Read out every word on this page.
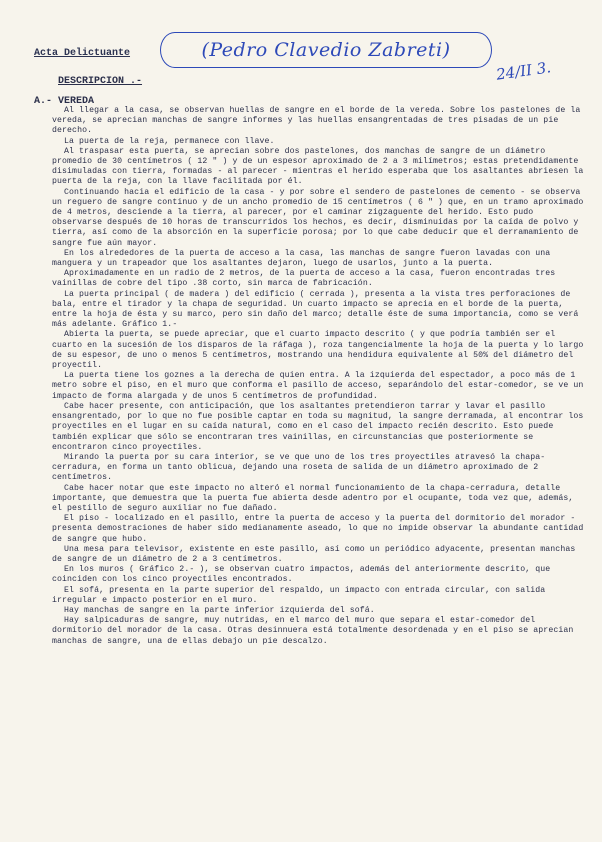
Acta Delictuante	(Pedro Clavedio Zabreti)
24/II 3.
DESCRIPCION .-
A.- VEREDA

Al llegar a la casa, se observan huellas de sangre en el borde de la vereda. Sobre los pastelones de la vereda, se aprecian manchas de sangre informes y las huellas ensangrentadas de tres pisadas de un pie derecho.

La puerta de la reja, permanece con llave.

Al traspasar esta puerta, se aprecian sobre dos pastelones, dos manchas de sangre de un diámetro promedio de 30 centímetros ( 12 " ) y de un espesor aproximado de 2 a 3 milímetros; estas pretendidamente disimuladas con tierra, formadas - al parecer - mientras el herido esperaba que los asaltantes abriesen la puerta de la reja, con la llave facilitada por él.

Continuando hacia el edificio de la casa - y por sobre el sendero de pastelones de cemento - se observa un reguero de sangre continuo y de un ancho promedio de 15 centímetros ( 6 " ) que, en un tramo aproximado de 4 metros, desciende a la tierra, al parecer, por el caminar zigzaguente del herido. Esto pudo observarse después de 10 horas de transcurridos los hechos, es decir, disminuidas por la caída de polvo y tierra, así como de la absorción en la superficie porosa; por lo que cabe deducir que el derramamiento de sangre fue aún mayor.

En los alrededores de la puerta de acceso a la casa, las manchas de sangre fueron lavadas con una manguera y un trapeador que los asaltantes dejaron, luego de usarlos, junto a la puerta.

Aproximadamente en un radio de 2 metros, de la puerta de acceso a la casa, fueron encontradas tres vainillas de cobre del tipo .38 corto, sin marca de fabricación.

La puerta principal ( de madera ) del edificio ( cerrada ), presenta a la vista tres perforaciones de bala, entre el tirador y la chapa de seguridad. Un cuarto impacto se aprecia en el borde de la puerta, entre la hoja de ésta y su marco, pero sin daño del marco; detalle éste de suma importancia, como se verá más adelante. Gráfico 1.-

Abierta la puerta, se puede apreciar, que el cuarto impacto descrito ( y que podría también ser el cuarto en la sucesión de los disparos de la ráfaga ), roza tangencialmente la hoja de la puerta y lo largo de su espesor, de uno o menos 5 centímetros, mostrando una hendidura equivalente al 50% del diámetro del proyectil.

La puerta tiene los goznes a la derecha de quien entra. A la izquierda del espectador, a poco más de 1 metro sobre el piso, en el muro que conforma el pasillo de acceso, separándolo del estar-comedor, se ve un impacto de forma alargada y de unos 5 centímetros de profundidad.

Cabe hacer presente, con anticipación, que los asaltantes pretendieron tarrar y lavar el pasillo ensangrentado, por lo que no fue posible captar en toda su magnitud, la sangre derramada, al encontrar los proyectiles en el lugar en su caída natural, como en el caso del impacto recién descrito. Esto puede también explicar que sólo se encontraran tres vainillas, en circunstancias que posteriormente se encontraron cinco proyectiles.

Mirando la puerta por su cara interior, se ve que uno de los tres proyectiles atravesó la chapa-cerradura, en forma un tanto oblicua, dejando una roseta de salida de un diámetro aproximado de 2 centímetros.

Cabe hacer notar que este impacto no alteró el normal funcionamiento de la chapa-cerradura, detalle importante, que demuestra que la puerta fue abierta desde adentro por el ocupante, toda vez que, además, el pestillo de seguro auxiliar no fue dañado.

El piso - localizado en el pasillo, entre la puerta de acceso y la puerta del dormitorio del morador - presenta demostraciones de haber sido medianamente aseado, lo que no impide observar la abundante cantidad de sangre que hubo.

Una mesa para televisor, existente en este pasillo, así como un periódico adyacente, presentan manchas de sangre de un diámetro de 2 a 3 centímetros.

En los muros ( Gráfico 2.- ), se observan cuatro impactos, además del anteriormente descrito, que coinciden con los cinco proyectiles encontrados.

El sofá, presenta en la parte superior del respaldo, un impacto con entrada circular, con salida irregular e impacto posterior en el muro.

Hay manchas de sangre en la parte inferior izquierda del sofá.

Hay salpicaduras de sangre, muy nutridas, en el marco del muro que separa el estar-comedor del dormitorio del morador de la casa. Otras desinnuera está totalmente desordenada y en el piso se aprecian manchas de sangre, una de ellas debajo un pie descalzo.
